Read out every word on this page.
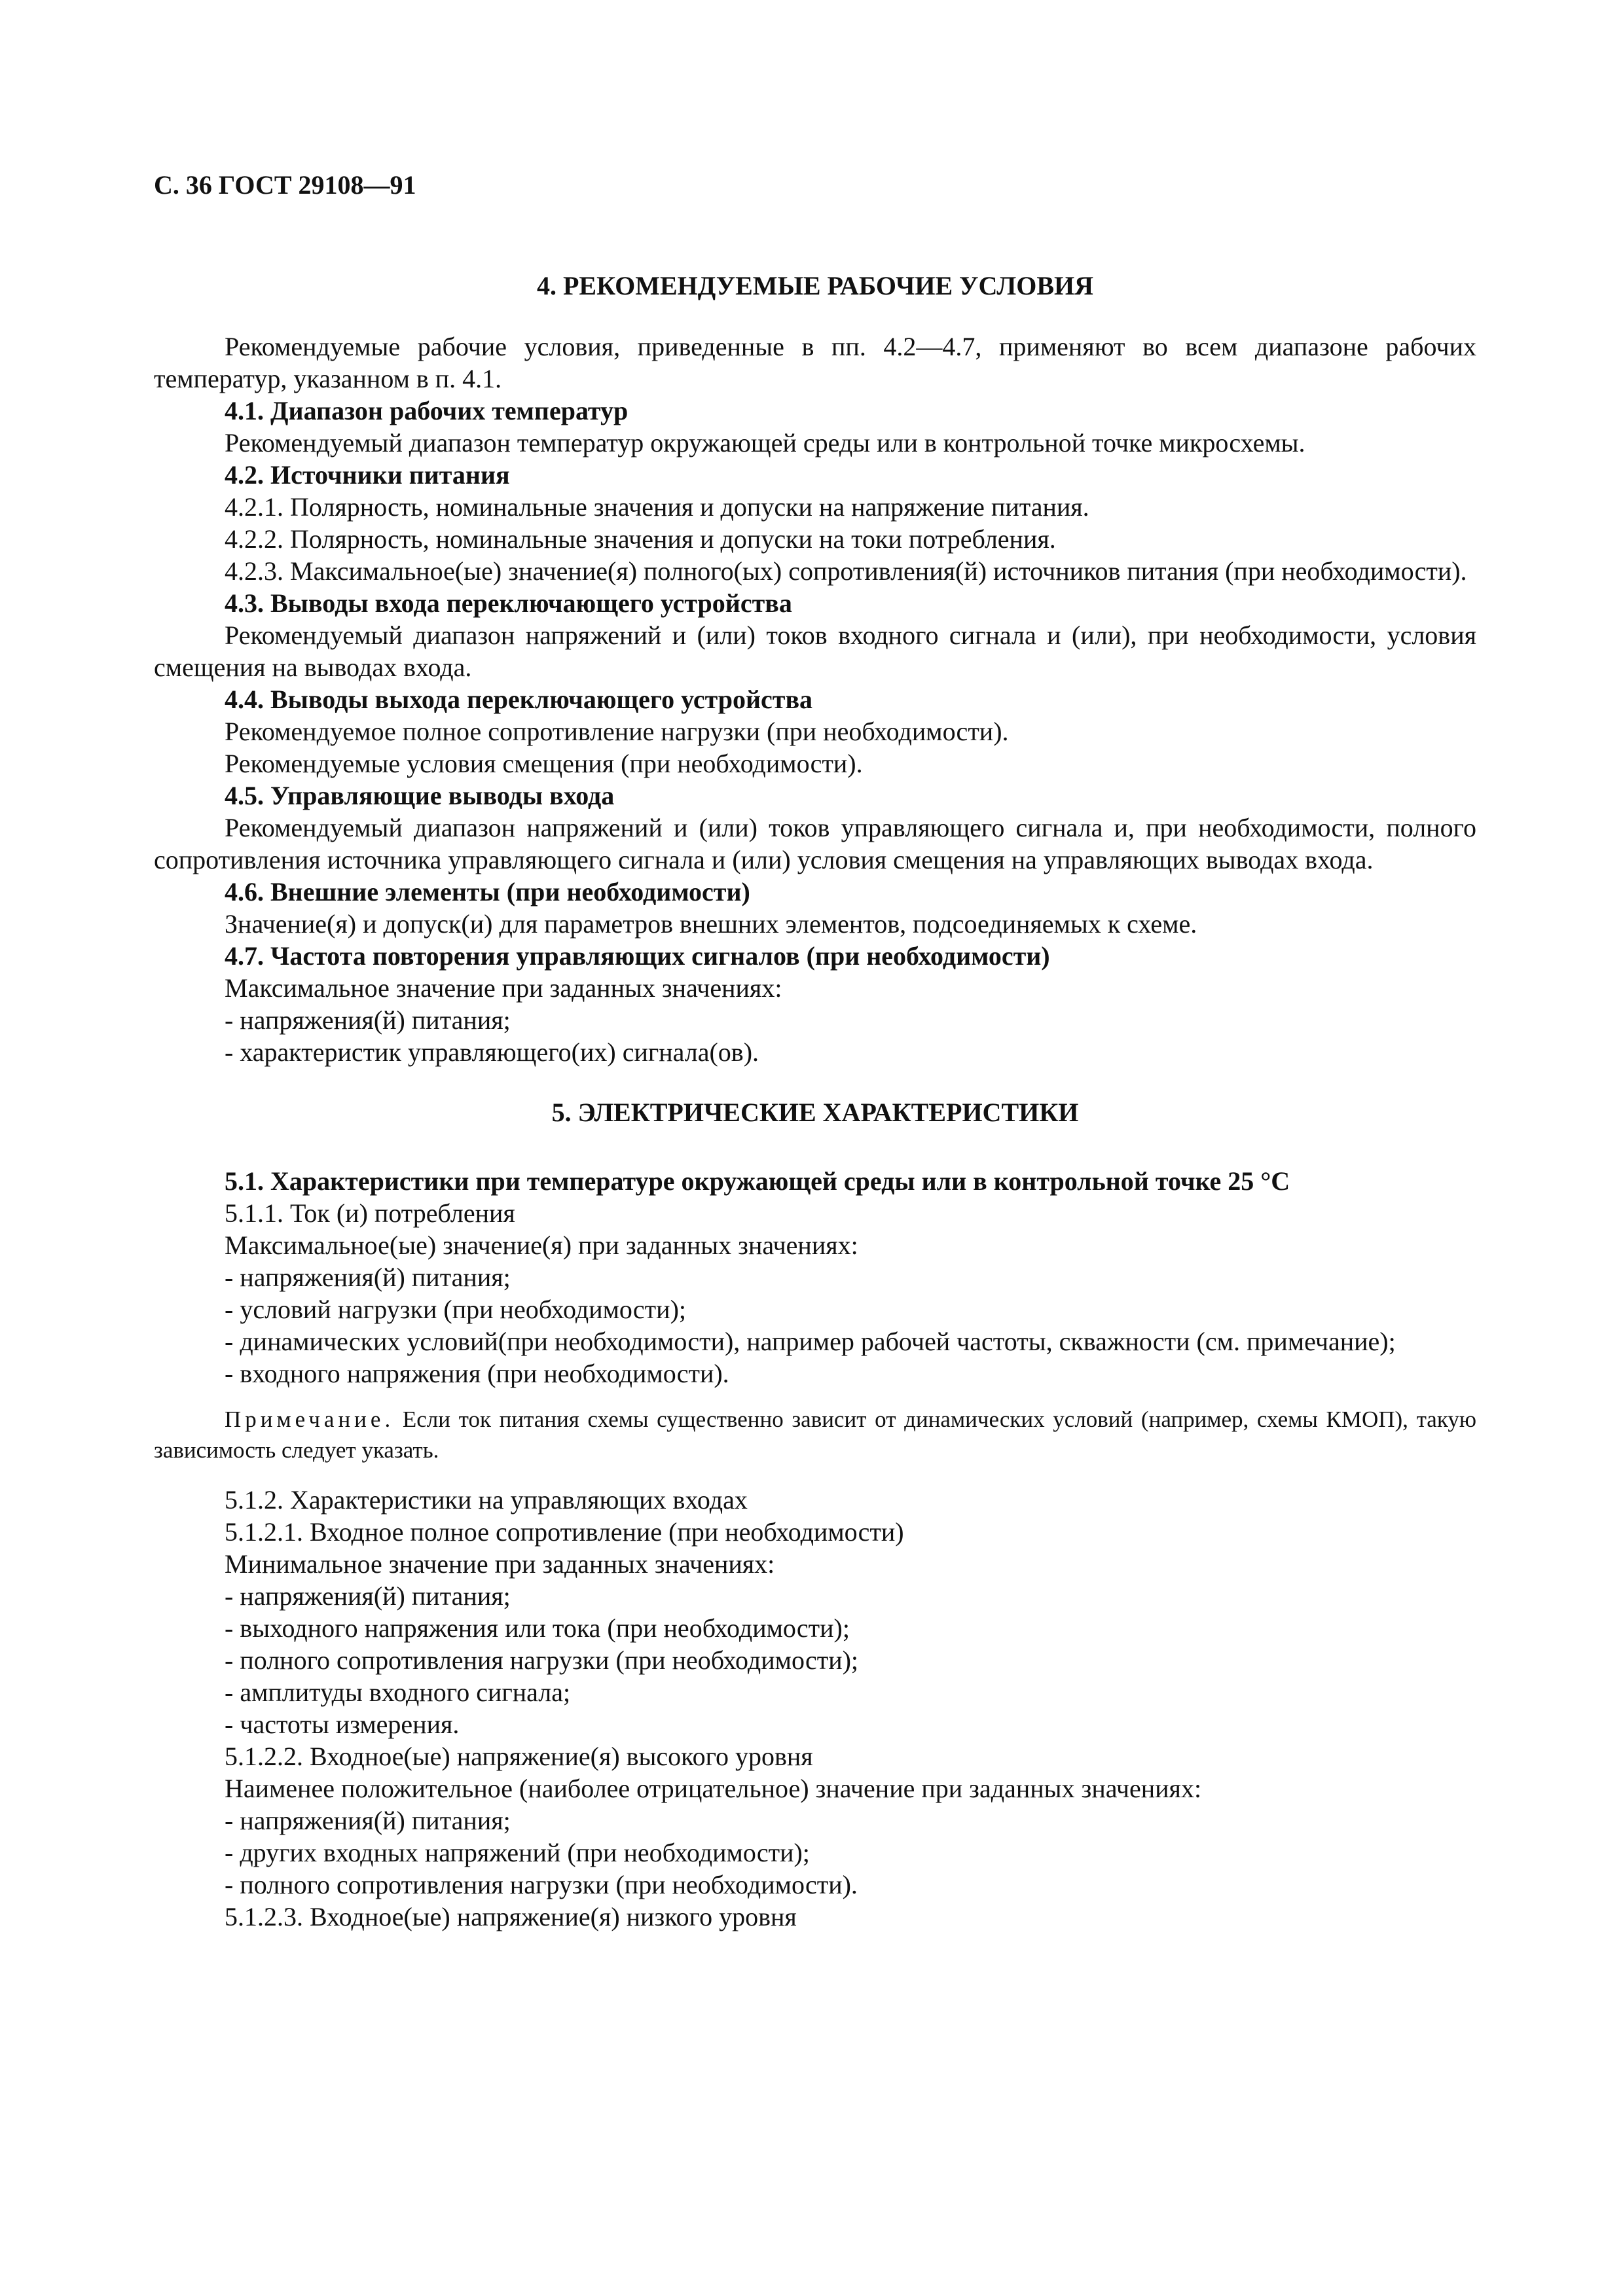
С. 36 ГОСТ 29108—91
4. РЕКОМЕНДУЕМЫЕ РАБОЧИЕ УСЛОВИЯ

Рекомендуемые рабочие условия, приведенные в пп. 4.2—4.7, применяют во всем диапазоне рабочих температур, указанном в п. 4.1.

4.1. Диапазон рабочих температур

Рекомендуемый диапазон температур окружающей среды или в контрольной точке микросхемы.

4.2. Источники питания

4.2.1. Полярность, номинальные значения и допуски на напряжение питания.

4.2.2. Полярность, номинальные значения и допуски на токи потребления.

4.2.3. Максимальное(ые) значение(я) полного(ых) сопротивления(й) источников питания (при необходимости).

4.3. Выводы входа переключающего устройства

Рекомендуемый диапазон напряжений и (или) токов входного сигнала и (или), при необходимости, условия смещения на выводах входа.

4.4. Выводы выхода переключающего устройства

Рекомендуемое полное сопротивление нагрузки (при необходимости).

Рекомендуемые условия смещения (при необходимости).

4.5. Управляющие выводы входа

Рекомендуемый диапазон напряжений и (или) токов управляющего сигнала и, при необходимости, полного сопротивления источника управляющего сигнала и (или) условия смещения на управляющих выводах входа.

4.6. Внешние элементы (при необходимости)

Значение(я) и допуск(и) для параметров внешних элементов, подсоединяемых к схеме.

4.7. Частота повторения управляющих сигналов (при необходимости)

Максимальное значение при заданных значениях:

- напряжения(й) питания;

- характеристик управляющего(их) сигнала(ов).

5. ЭЛЕКТРИЧЕСКИЕ ХАРАКТЕРИСТИКИ

5.1. Характеристики при температуре окружающей среды или в контрольной точке 25 °С

5.1.1. Ток (и) потребления

Максимальное(ые) значение(я) при заданных значениях:

- напряжения(й) питания;

- условий нагрузки (при необходимости);

- динамических условий(при необходимости), например рабочей частоты, скважности (см. примечание);

- входного напряжения (при необходимости).

Примечание. Если ток питания схемы существенно зависит от динамических условий (например, схемы КМОП), такую зависимость следует указать.

5.1.2. Характеристики на управляющих входах

5.1.2.1. Входное полное сопротивление (при необходимости)

Минимальное значение при заданных значениях:

- напряжения(й) питания;

- выходного напряжения или тока (при необходимости);

- полного сопротивления нагрузки (при необходимости);

- амплитуды входного сигнала;

- частоты измерения.

5.1.2.2. Входное(ые) напряжение(я) высокого уровня

Наименее положительное (наиболее отрицательное) значение при заданных значениях:

- напряжения(й) питания;

- других входных напряжений (при необходимости);

- полного сопротивления нагрузки (при необходимости).

5.1.2.3. Входное(ые) напряжение(я) низкого уровня
